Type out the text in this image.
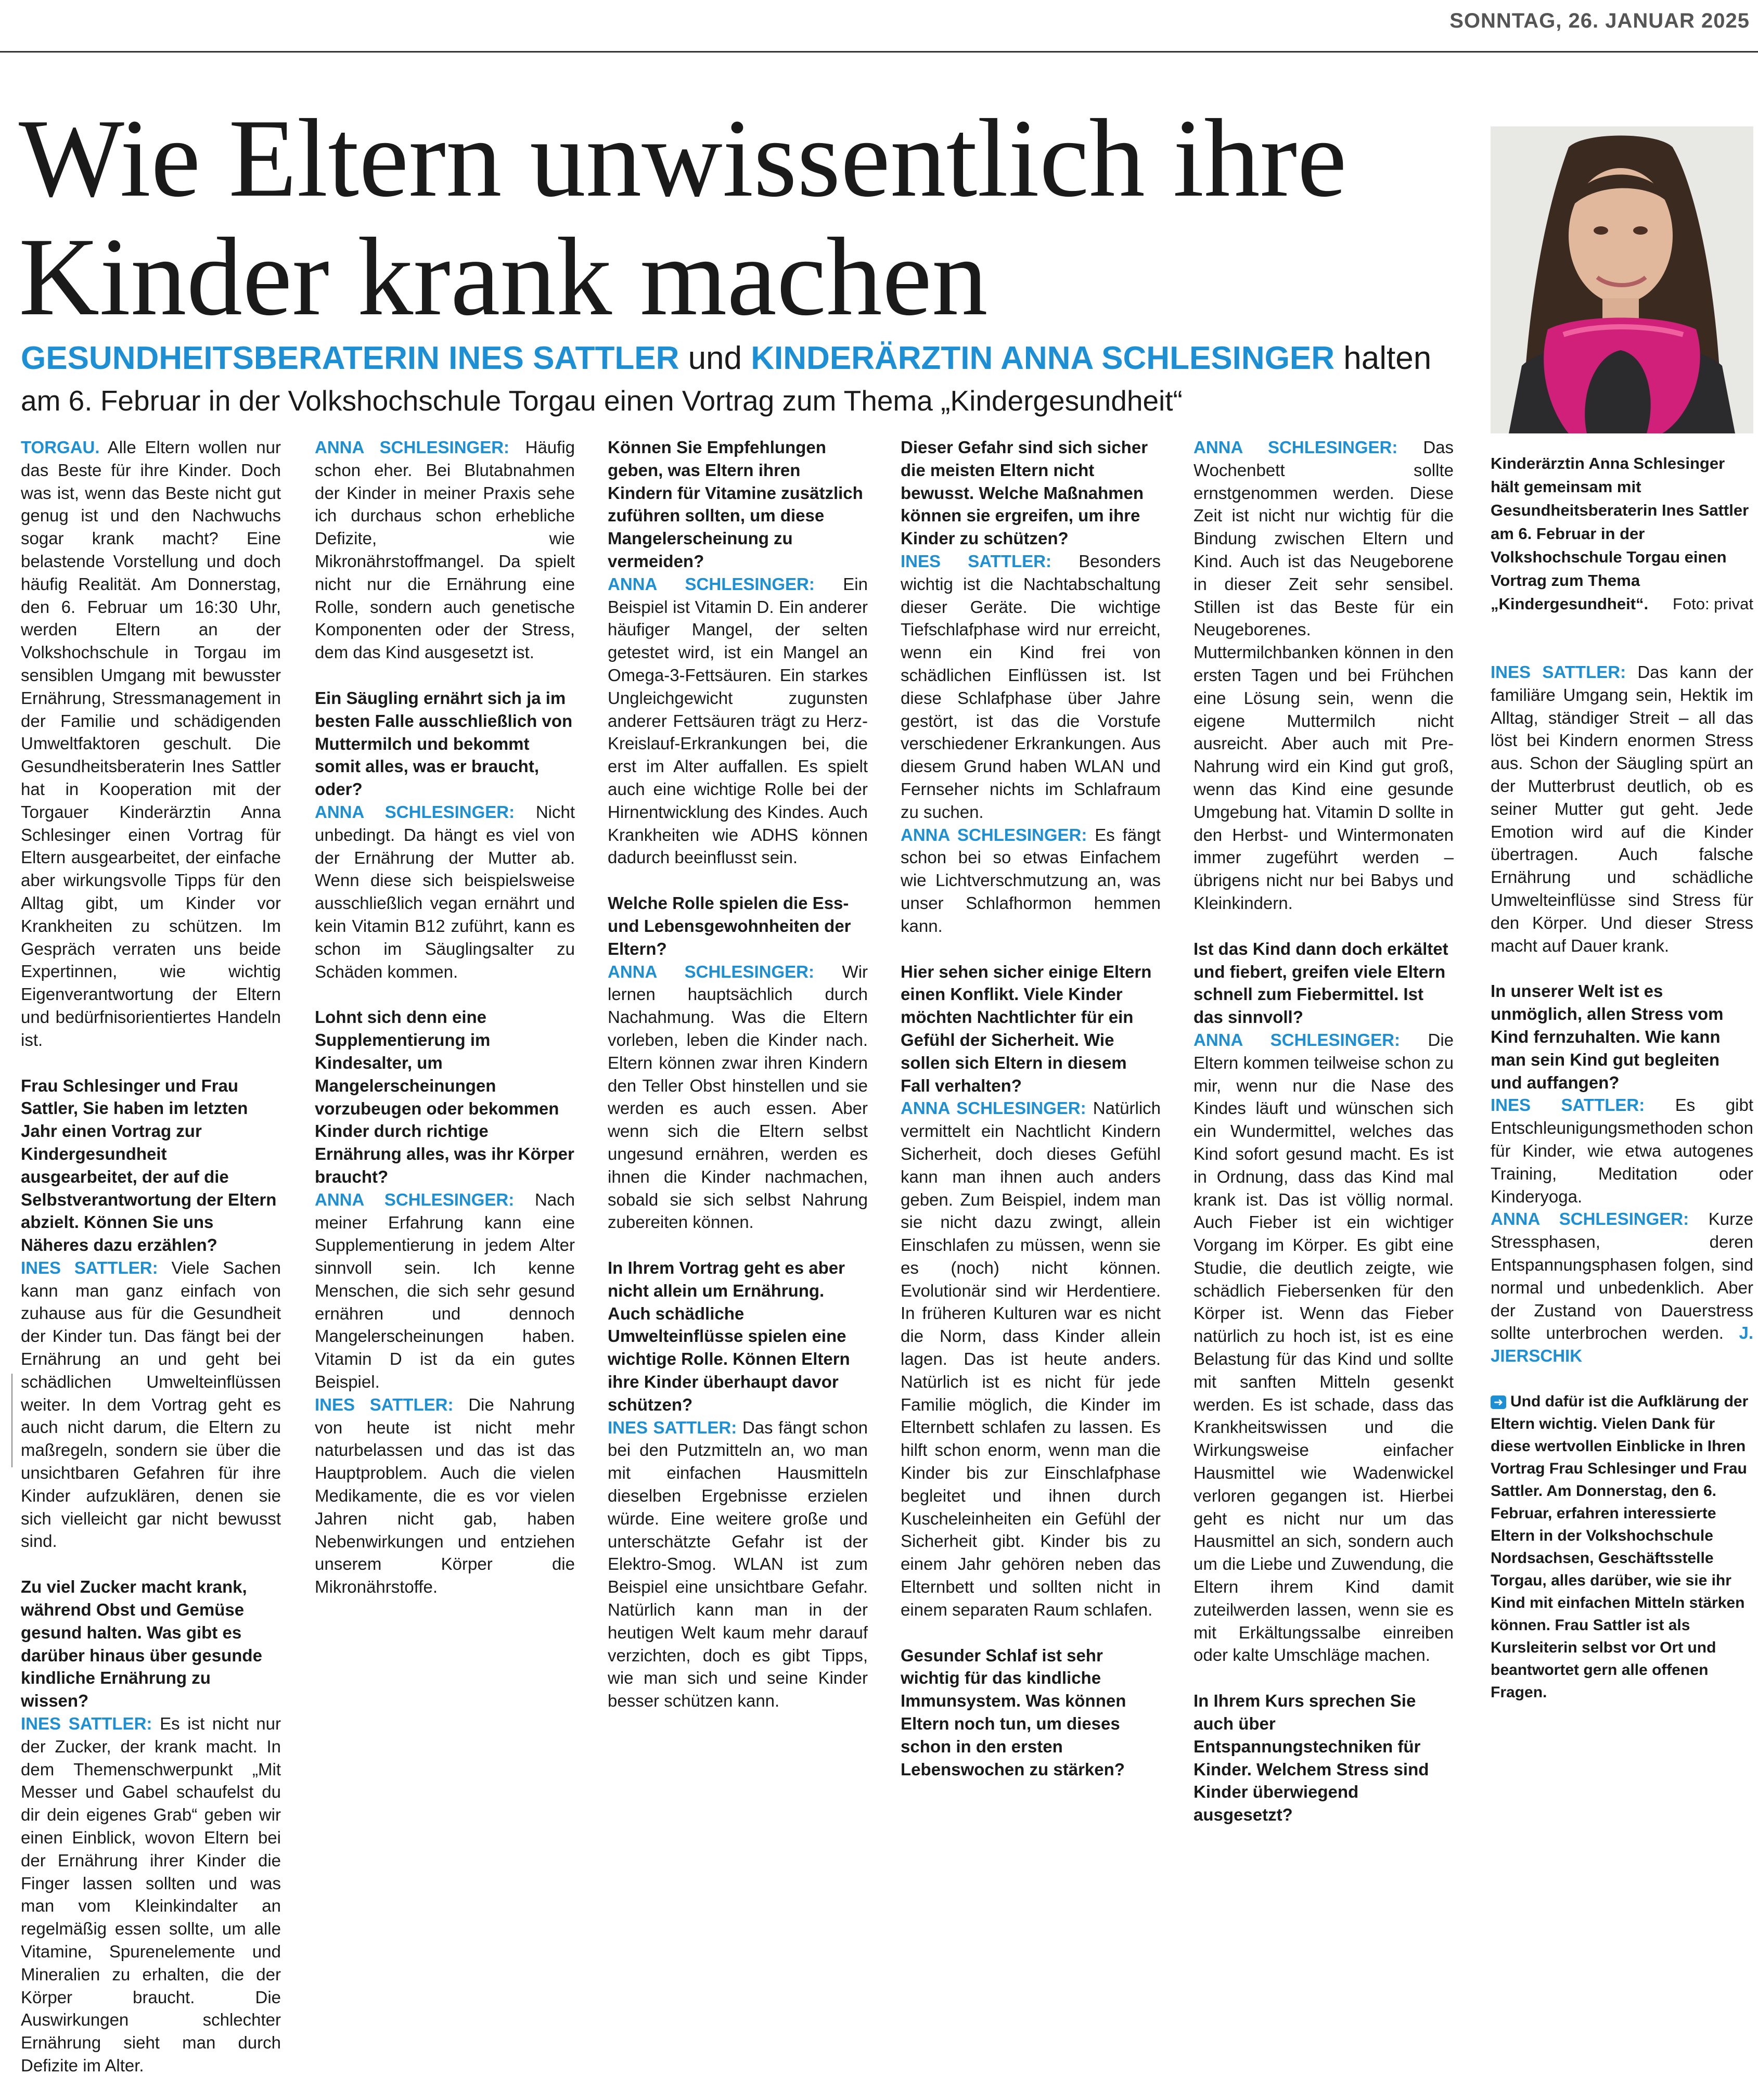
SONNTAG, 26. JANUAR 2025
Wie Eltern unwissentlich ihre
Kinder krank machen
GESUNDHEITSBERATERIN INES SATTLER und KINDERÄRZTIN ANNA SCHLESINGER halten
am 6. Februar in der Volkshochschule Torgau einen Vortrag zum Thema „Kindergesundheit“
Kinderärztin Anna Schlesinger hält gemeinsam mit Gesundheitsberaterin Ines Sattler am 6. Februar in der Volkshochschule Torgau einen Vortrag zum Thema „Kindergesundheit“. Foto: privat

TORGAU. Alle Eltern wollen nur das Beste für ihre Kinder. Doch was ist, wenn das Beste nicht gut genug ist und den Nachwuchs sogar krank macht? Eine belastende Vorstellung und doch häufig Realität. Am Donnerstag, den 6. Februar um 16:30 Uhr, werden Eltern an der Volkshochschule in Torgau im sensiblen Umgang mit bewusster Ernährung, Stressmanagement in der Familie und schädigenden Umweltfaktoren geschult. Die Gesundheitsberaterin Ines Sattler hat in Kooperation mit der Torgauer Kinderärztin Anna Schlesinger einen Vortrag für Eltern ausgearbeitet, der einfache aber wirkungsvolle Tipps für den Alltag gibt, um Kinder vor Krankheiten zu schützen. Im Gespräch verraten uns beide Expertinnen, wie wichtig Eigenverantwortung der Eltern und bedürfnisorientiertes Handeln ist.

Frau Schlesinger und Frau Sattler, Sie haben im letzten Jahr einen Vortrag zur Kindergesundheit ausgearbeitet, der auf die Selbstverantwortung der Eltern abzielt. Können Sie uns Näheres dazu erzählen?

INES SATTLER: Viele Sachen kann man ganz einfach von zuhause aus für die Gesundheit der Kinder tun. Das fängt bei der Ernährung an und geht bei schädlichen Umwelteinflüssen weiter. In dem Vortrag geht es auch nicht darum, die Eltern zu maßregeln, sondern sie über die unsichtbaren Gefahren für ihre Kinder aufzuklären, denen sie sich vielleicht gar nicht bewusst sind.

Zu viel Zucker macht krank, während Obst und Gemüse gesund halten. Was gibt es darüber hinaus über gesunde kindliche Ernährung zu wissen?

INES SATTLER: Es ist nicht nur der Zucker, der krank macht. In dem Themenschwerpunkt „Mit Messer und Gabel schaufelst du dir dein eigenes Grab“ geben wir einen Einblick, wovon Eltern bei der Ernährung ihrer Kinder die Finger lassen sollten und was man vom Kleinkindalter an regelmäßig essen sollte, um alle Vitamine, Spurenelemente und Mineralien zu erhalten, die der Körper braucht. Die Auswirkungen schlechter Ernährung sieht man durch Defizite im Alter.

ANNA SCHLESINGER: Häufig schon eher. Bei Blutabnahmen der Kinder in meiner Praxis sehe ich durchaus schon erhebliche Defizite, wie Mikronährstoffmangel. Da spielt nicht nur die Ernährung eine Rolle, sondern auch genetische Komponenten oder der Stress, dem das Kind ausgesetzt ist.

Ein Säugling ernährt sich ja im besten Falle ausschließlich von Muttermilch und bekommt somit alles, was er braucht, oder?

ANNA SCHLESINGER: Nicht unbedingt. Da hängt es viel von der Ernährung der Mutter ab. Wenn diese sich beispielsweise ausschließlich vegan ernährt und kein Vitamin B12 zuführt, kann es schon im Säuglingsalter zu Schäden kommen.

Lohnt sich denn eine Supplementierung im Kindesalter, um Mangelerscheinungen vorzubeugen oder bekommen Kinder durch richtige Ernährung alles, was ihr Körper braucht?

ANNA SCHLESINGER: Nach meiner Erfahrung kann eine Supplementierung in jedem Alter sinnvoll sein. Ich kenne Menschen, die sich sehr gesund ernähren und dennoch Mangelerscheinungen haben. Vitamin D ist da ein gutes Beispiel.

INES SATTLER: Die Nahrung von heute ist nicht mehr naturbelassen und das ist das Hauptproblem. Auch die vielen Medikamente, die es vor vielen Jahren nicht gab, haben Nebenwirkungen und entziehen unserem Körper die Mikronährstoffe.

Können Sie Empfehlungen geben, was Eltern ihren Kindern für Vitamine zusätzlich zuführen sollten, um diese Mangelerscheinung zu vermeiden?

ANNA SCHLESINGER: Ein Beispiel ist Vitamin D. Ein anderer häufiger Mangel, der selten getestet wird, ist ein Mangel an Omega-3-Fettsäuren. Ein starkes Ungleichgewicht zugunsten anderer Fettsäuren trägt zu Herz-Kreislauf-Erkrankungen bei, die erst im Alter auffallen. Es spielt auch eine wichtige Rolle bei der Hirnentwicklung des Kindes. Auch Krankheiten wie ADHS können dadurch beeinflusst sein.

Welche Rolle spielen die Ess- und Lebensgewohnheiten der Eltern?

ANNA SCHLESINGER: Wir lernen hauptsächlich durch Nachahmung. Was die Eltern vorleben, leben die Kinder nach. Eltern können zwar ihren Kindern den Teller Obst hinstellen und sie werden es auch essen. Aber wenn sich die Eltern selbst ungesund ernähren, werden es ihnen die Kinder nachmachen, sobald sie sich selbst Nahrung zubereiten können.

In Ihrem Vortrag geht es aber nicht allein um Ernährung. Auch schädliche Umwelteinflüsse spielen eine wichtige Rolle. Können Eltern ihre Kinder überhaupt davor schützen?

INES SATTLER: Das fängt schon bei den Putzmitteln an, wo man mit einfachen Hausmitteln dieselben Ergebnisse erzielen würde. Eine weitere große und unterschätzte Gefahr ist der Elektro-Smog. WLAN ist zum Beispiel eine unsichtbare Gefahr. Natürlich kann man in der heutigen Welt kaum mehr darauf verzichten, doch es gibt Tipps, wie man sich und seine Kinder besser schützen kann.

Dieser Gefahr sind sich sicher die meisten Eltern nicht bewusst. Welche Maßnahmen können sie ergreifen, um ihre Kinder zu schützen?

INES SATTLER: Besonders wichtig ist die Nachtabschaltung dieser Geräte. Die wichtige Tiefschlafphase wird nur erreicht, wenn ein Kind frei von schädlichen Einflüssen ist. Ist diese Schlafphase über Jahre gestört, ist das die Vorstufe verschiedener Erkrankungen. Aus diesem Grund haben WLAN und Fernseher nichts im Schlafraum zu suchen.

ANNA SCHLESINGER: Es fängt schon bei so etwas Einfachem wie Lichtverschmutzung an, was unser Schlafhormon hemmen kann.

Hier sehen sicher einige Eltern einen Konflikt. Viele Kinder möchten Nachtlichter für ein Gefühl der Sicherheit. Wie sollen sich Eltern in diesem Fall verhalten?

ANNA SCHLESINGER: Natürlich vermittelt ein Nachtlicht Kindern Sicherheit, doch dieses Gefühl kann man ihnen auch anders geben. Zum Beispiel, indem man sie nicht dazu zwingt, allein Einschlafen zu müssen, wenn sie es (noch) nicht können. Evolutionär sind wir Herdentiere. In früheren Kulturen war es nicht die Norm, dass Kinder allein lagen. Das ist heute anders. Natürlich ist es nicht für jede Familie möglich, die Kinder im Elternbett schlafen zu lassen. Es hilft schon enorm, wenn man die Kinder bis zur Einschlafphase begleitet und ihnen durch Kuscheleinheiten ein Gefühl der Sicherheit gibt. Kinder bis zu einem Jahr gehören neben das Elternbett und sollten nicht in einem separaten Raum schlafen.

Gesunder Schlaf ist sehr wichtig für das kindliche Immunsystem. Was können Eltern noch tun, um dieses schon in den ersten Lebenswochen zu stärken?

ANNA SCHLESINGER: Das Wochenbett sollte ernstgenommen werden. Diese Zeit ist nicht nur wichtig für die Bindung zwischen Eltern und Kind. Auch ist das Neugeborene in dieser Zeit sehr sensibel. Stillen ist das Beste für ein Neugeborenes. Muttermilchbanken können in den ersten Tagen und bei Frühchen eine Lösung sein, wenn die eigene Muttermilch nicht ausreicht. Aber auch mit Pre-Nahrung wird ein Kind gut groß, wenn das Kind eine gesunde Umgebung hat. Vitamin D sollte in den Herbst- und Wintermonaten immer zugeführt werden – übrigens nicht nur bei Babys und Kleinkindern.

Ist das Kind dann doch erkältet und fiebert, greifen viele Eltern schnell zum Fiebermittel. Ist das sinnvoll?

ANNA SCHLESINGER: Die Eltern kommen teilweise schon zu mir, wenn nur die Nase des Kindes läuft und wünschen sich ein Wundermittel, welches das Kind sofort gesund macht. Es ist in Ordnung, dass das Kind mal krank ist. Das ist völlig normal. Auch Fieber ist ein wichtiger Vorgang im Körper. Es gibt eine Studie, die deutlich zeigte, wie schädlich Fiebersenken für den Körper ist. Wenn das Fieber natürlich zu hoch ist, ist es eine Belastung für das Kind und sollte mit sanften Mitteln gesenkt werden. Es ist schade, dass das Krankheitswissen und die Wirkungsweise einfacher Hausmittel wie Wadenwickel verloren gegangen ist. Hierbei geht es nicht nur um das Hausmittel an sich, sondern auch um die Liebe und Zuwendung, die Eltern ihrem Kind damit zuteilwerden lassen, wenn sie es mit Erkältungssalbe einreiben oder kalte Umschläge machen.

In Ihrem Kurs sprechen Sie auch über Entspannungstechniken für Kinder. Welchem Stress sind Kinder überwiegend ausgesetzt?

INES SATTLER: Das kann der familiäre Umgang sein, Hektik im Alltag, ständiger Streit – all das löst bei Kindern enormen Stress aus. Schon der Säugling spürt an der Mutterbrust deutlich, ob es seiner Mutter gut geht. Jede Emotion wird auf die Kinder übertragen. Auch falsche Ernährung und schädliche Umwelteinflüsse sind Stress für den Körper. Und dieser Stress macht auf Dauer krank.

In unserer Welt ist es unmöglich, allen Stress vom Kind fernzuhalten. Wie kann man sein Kind gut begleiten und auffangen?

INES SATTLER: Es gibt Entschleunigungsmethoden schon für Kinder, wie etwa autogenes Training, Meditation oder Kinderyoga.

ANNA SCHLESINGER: Kurze Stressphasen, deren Entspannungsphasen folgen, sind normal und unbedenklich. Aber der Zustand von Dauerstress sollte unterbrochen werden. J. JIERSCHIK

➜ Und dafür ist die Aufklärung der Eltern wichtig. Vielen Dank für diese wertvollen Einblicke in Ihren Vortrag Frau Schlesinger und Frau Sattler. Am Donnerstag, den 6. Februar, erfahren interessierte Eltern in der Volkshochschule Nordsachsen, Geschäftsstelle Torgau, alles darüber, wie sie ihr Kind mit einfachen Mitteln stärken können. Frau Sattler ist als Kursleiterin selbst vor Ort und beantwortet gern alle offenen Fragen.
